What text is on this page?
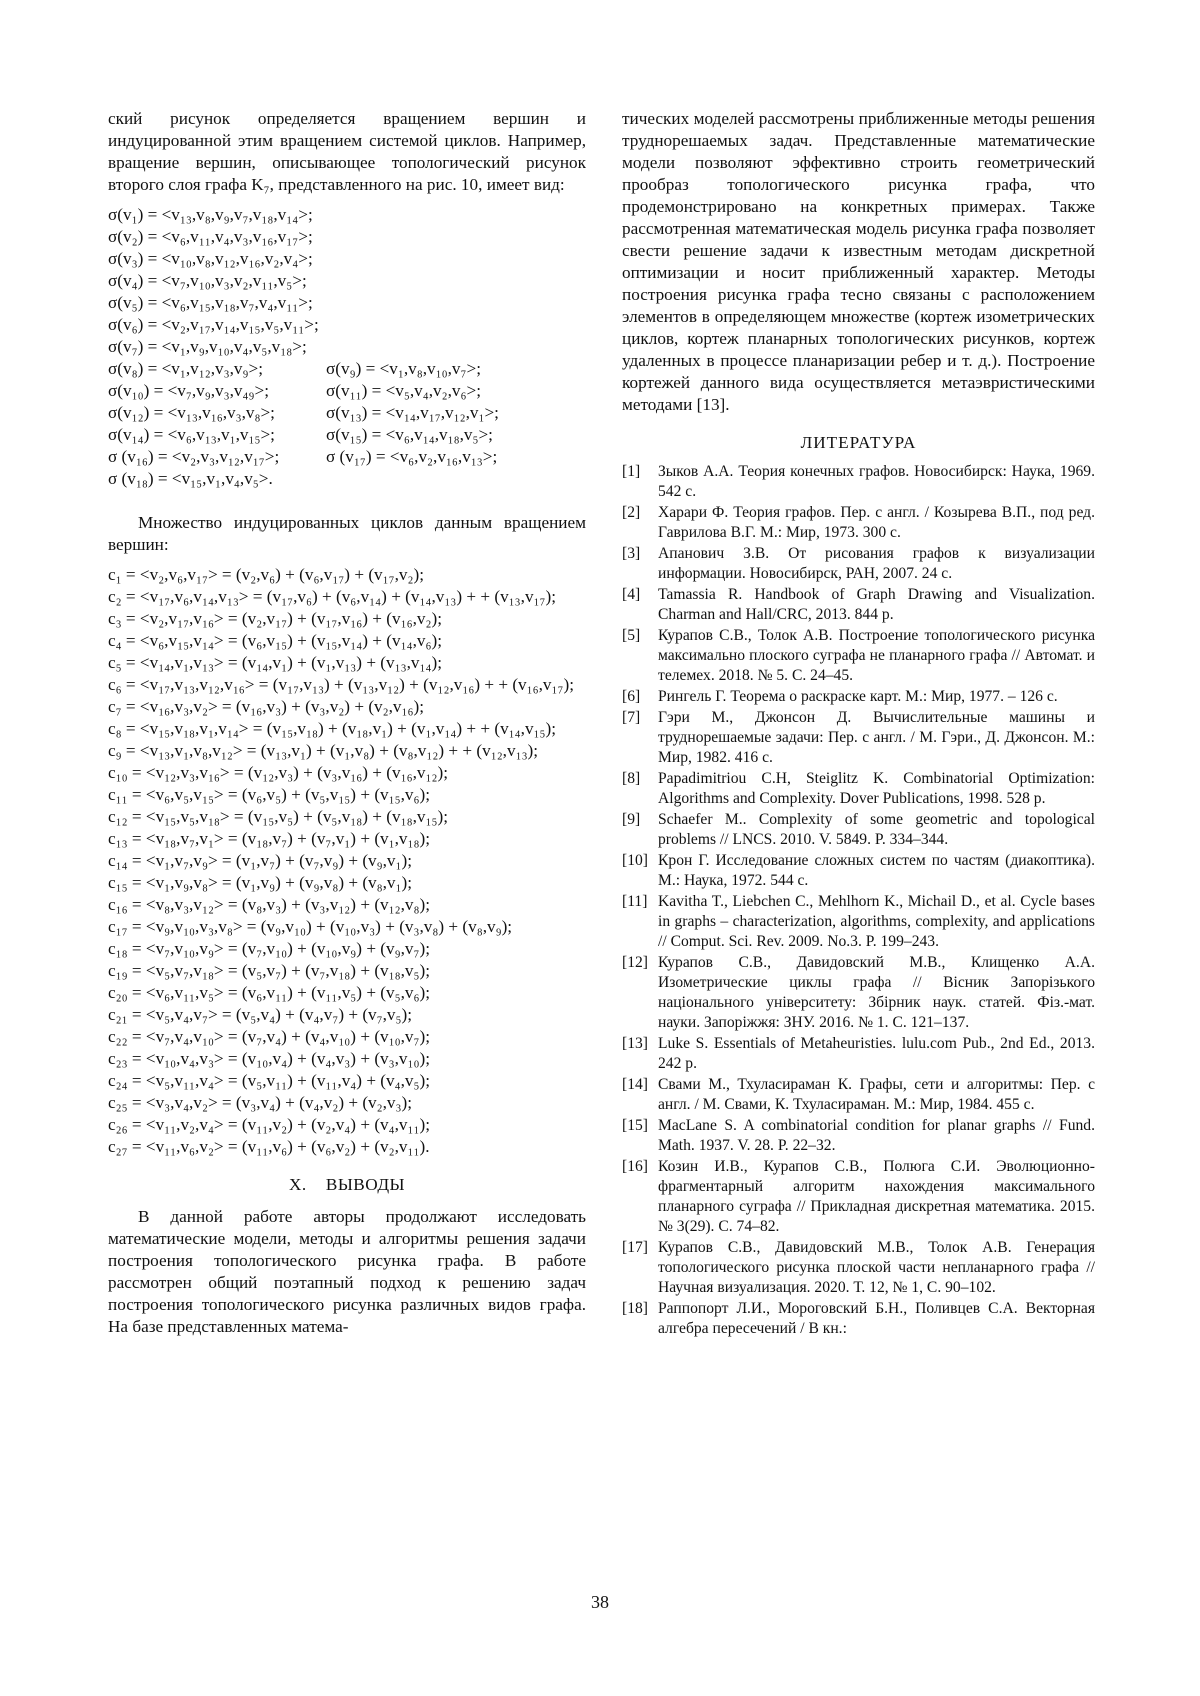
ский рисунок определяется вращением вершин и индуцированной этим вращением системой циклов. Например, вращение вершин, описывающее топологический рисунок второго слоя графа K₇, представленного на рис. 10, имеет вид:

σ(v₁) = <v₁₃,v₈,v₉,v₇,v₁₈,v₁₄>;
σ(v₂) = <v₆,v₁₁,v₄,v₃,v₁₆,v₁₇>;
σ(v₃) = <v₁₀,v₈,v₁₂,v₁₆,v₂,v₄>;
σ(v₄) = <v₇,v₁₀,v₃,v₂,v₁₁,v₅>;
σ(v₅) = <v₆,v₁₅,v₁₈,v₇,v₄,v₁₁>;
σ(v₆) = <v₂,v₁₇,v₁₄,v₁₅,v₅,v₁₁>;
σ(v₇) = <v₁,v₉,v₁₀,v₄,v₅,v₁₈>;
σ(v₈) = <v₁,v₁₂,v₃,v₉>;	σ(v₉) = <v₁,v₈,v₁₀,v₇>;
σ(v₁₀) = <v₇,v₉,v₃,v₄₉>;	σ(v₁₁) = <v₅,v₄,v₂,v₆>;
σ(v₁₂) = <v₁₃,v₁₆,v₃,v₈>;	σ(v₁₃) = <v₁₄,v₁₇,v₁₂,v₁>;
σ(v₁₄) = <v₆,v₁₃,v₁,v₁₅>;	σ(v₁₅) = <v₆,v₁₄,v₁₈,v₅>;
σ (v₁₆) = <v₂,v₃,v₁₂,v₁₇>;	σ (v₁₇) = <v₆,v₂,v₁₆,v₁₃>;
σ (v₁₈) = <v₁₅,v₁,v₄,v₅>.

Множество индуцированных циклов данным вращением вершин:

c₁ = <v₂,v₆,v₁₇> = (v₂,v₆) + (v₆,v₁₇) + (v₁₇,v₂);
c₂ = <v₁₇,v₆,v₁₄,v₁₃> = (v₁₇,v₆) + (v₆,v₁₄) + (v₁₄,v₁₃) + + (v₁₃,v₁₇);
c₃ = <v₂,v₁₇,v₁₆> = (v₂,v₁₇) + (v₁₇,v₁₆) + (v₁₆,v₂);
c₄ = <v₆,v₁₅,v₁₄> = (v₆,v₁₅) + (v₁₅,v₁₄) + (v₁₄,v₆);
c₅ = <v₁₄,v₁,v₁₃> = (v₁₄,v₁) + (v₁,v₁₃) + (v₁₃,v₁₄);
c₆ = <v₁₇,v₁₃,v₁₂,v₁₆> = (v₁₇,v₁₃) + (v₁₃,v₁₂) + (v₁₂,v₁₆) + + (v₁₆,v₁₇);
c₇ = <v₁₆,v₃,v₂> = (v₁₆,v₃) + (v₃,v₂) + (v₂,v₁₆);
c₈ = <v₁₅,v₁₈,v₁,v₁₄> = (v₁₅,v₁₈) + (v₁₈,v₁) + (v₁,v₁₄) + + (v₁₄,v₁₅);
c₉ = <v₁₃,v₁,v₈,v₁₂> = (v₁₃,v₁) + (v₁,v₈) + (v₈,v₁₂) + + (v₁₂,v₁₃);
c₁₀ = <v₁₂,v₃,v₁₆> = (v₁₂,v₃) + (v₃,v₁₆) + (v₁₆,v₁₂);
c₁₁ = <v₆,v₅,v₁₅> = (v₆,v₅) + (v₅,v₁₅) + (v₁₅,v₆);
c₁₂ = <v₁₅,v₅,v₁₈> = (v₁₅,v₅) + (v₅,v₁₈) + (v₁₈,v₁₅);
c₁₃ = <v₁₈,v₇,v₁> = (v₁₈,v₇) + (v₇,v₁) + (v₁,v₁₈);
c₁₄ = <v₁,v₇,v₉> = (v₁,v₇) + (v₇,v₉) + (v₉,v₁);
c₁₅ = <v₁,v₉,v₈> = (v₁,v₉) + (v₉,v₈) + (v₈,v₁);
c₁₆ = <v₈,v₃,v₁₂> = (v₈,v₃) + (v₃,v₁₂) + (v₁₂,v₈);
c₁₇ = <v₉,v₁₀,v₃,v₈> = (v₉,v₁₀) + (v₁₀,v₃) + (v₃,v₈) + (v₈,v₉);
c₁₈ = <v₇,v₁₀,v₉> = (v₇,v₁₀) + (v₁₀,v₉) + (v₉,v₇);
c₁₉ = <v₅,v₇,v₁₈> = (v₅,v₇) + (v₇,v₁₈) + (v₁₈,v₅);
c₂₀ = <v₆,v₁₁,v₅> = (v₆,v₁₁) + (v₁₁,v₅) + (v₅,v₆);
c₂₁ = <v₅,v₄,v₇> = (v₅,v₄) + (v₄,v₇) + (v₇,v₅);
c₂₂ = <v₇,v₄,v₁₀> = (v₇,v₄) + (v₄,v₁₀) + (v₁₀,v₇);
c₂₃ = <v₁₀,v₄,v₃> = (v₁₀,v₄) + (v₄,v₃) + (v₃,v₁₀);
c₂₄ = <v₅,v₁₁,v₄> = (v₅,v₁₁) + (v₁₁,v₄) + (v₄,v₅);
c₂₅ = <v₃,v₄,v₂> = (v₃,v₄) + (v₄,v₂) + (v₂,v₃);
c₂₆ = <v₁₁,v₂,v₄> = (v₁₁,v₂) + (v₂,v₄) + (v₄,v₁₁);
c₂₇ = <v₁₁,v₆,v₂> = (v₁₁,v₆) + (v₆,v₂) + (v₂,v₁₁).
X.    ВЫВОДЫ

В данной работе авторы продолжают исследовать математические модели, методы и алгоритмы решения задачи построения топологического рисунка графа. В работе рассмотрен общий поэтапный подход к решению задач построения топологического рисунка различных видов графа. На базе представленных матема-

тических моделей рассмотрены приближенные методы решения труднорешаемых задач. Представленные математические модели позволяют эффективно строить геометрический прообраз топологического рисунка графа, что продемонстрировано на конкретных примерах. Также рассмотренная математическая модель рисунка графа позволяет свести решение задачи к известным методам дискретной оптимизации и носит приближенный характер. Методы построения рисунка графа тесно связаны с расположением элементов в определяющем множестве (кортеж изометрических циклов, кортеж планарных топологических рисунков, кортеж удаленных в процессе планаризации ребер и т. д.). Построение кортежей данного вида осуществляется метаэвристическими методами [13].

ЛИТЕРАТУРА
[1]	Зыков А.А. Теория конечных графов. Новосибирск: Наука, 1969. 542 с.
[2]	Харари Ф. Теория графов. Пер. с англ. / Козырева В.П., под ред. Гаврилова В.Г. М.: Мир, 1973. 300 с.
[3]	Апанович З.В. От рисования графов к визуализации информации. Новосибирск, РАН, 2007. 24 с.
[4]	Tamassia R. Handbook of Graph Drawing and Visualization. Charman and Hall/CRC, 2013. 844 p.
[5]	Курапов С.В., Толок А.В. Построение топологического рисунка максимально плоского суграфа не планарного графа // Автомат. и телемех. 2018. № 5. С. 24–45.
[6]	Рингель Г. Теорема о раскраске карт. М.: Мир, 1977. – 126 с.
[7]	Гэри М., Джонсон Д. Вычислительные машины и труднорешаемые задачи: Пер. с англ. / М. Гэри., Д. Джонсон. М.: Мир, 1982. 416 с.
[8]	Papadimitriou C.H, Steiglitz K. Combinatorial Optimization: Algorithms and Complexity. Dover Publications, 1998. 528 p.
[9]	Schaefer M.. Complexity of some geometric and topological problems // LNCS. 2010. V. 5849. P. 334–344.
[10] Крон Г. Исследование сложных систем по частям (диакоптика). М.: Наука, 1972. 544 с.
[11] Kavitha T., Liebchen C., Mehlhorn K., Michail D., et al. Cycle bases in graphs – characterization, algorithms, complexity, and applications // Comput. Sci. Rev. 2009. No.3. P. 199–243.
[12] Курапов С.В., Давидовский М.В., Клищенко А.А. Изометрические циклы графа // Вісник Запорізького національного університету: Збірник наук. статей. Фіз.-мат. науки. Запоріжжя: ЗНУ. 2016. № 1. С. 121–137.
[13] Luke S. Essentials of Metaheuristies. lulu.com Pub., 2nd Ed., 2013. 242 p.
[14] Свами М., Тхуласираман К. Графы, сети и алгоритмы: Пер. с англ. / М. Свами, К. Тхуласираман. М.: Мир, 1984. 455 с.
[15] MacLane S. A combinatorial condition for planar graphs // Fund. Math. 1937. V. 28. P. 22–32.
[16] Козин И.В., Курапов С.В., Полюга С.И. Эволюционно-фрагментарный алгоритм нахождения максимального планарного суграфа // Прикладная дискретная математика. 2015. № 3(29). С. 74–82.
[17] Курапов С.В., Давидовский М.В., Толок А.В. Генерация топологического рисунка плоской части непланарного графа // Научная визуализация. 2020. Т. 12, № 1, С. 90–102.
[18] Раппопорт Л.И., Мороговский Б.Н., Поливцев С.А. Векторная алгебра пересечений / В кн.:
38
